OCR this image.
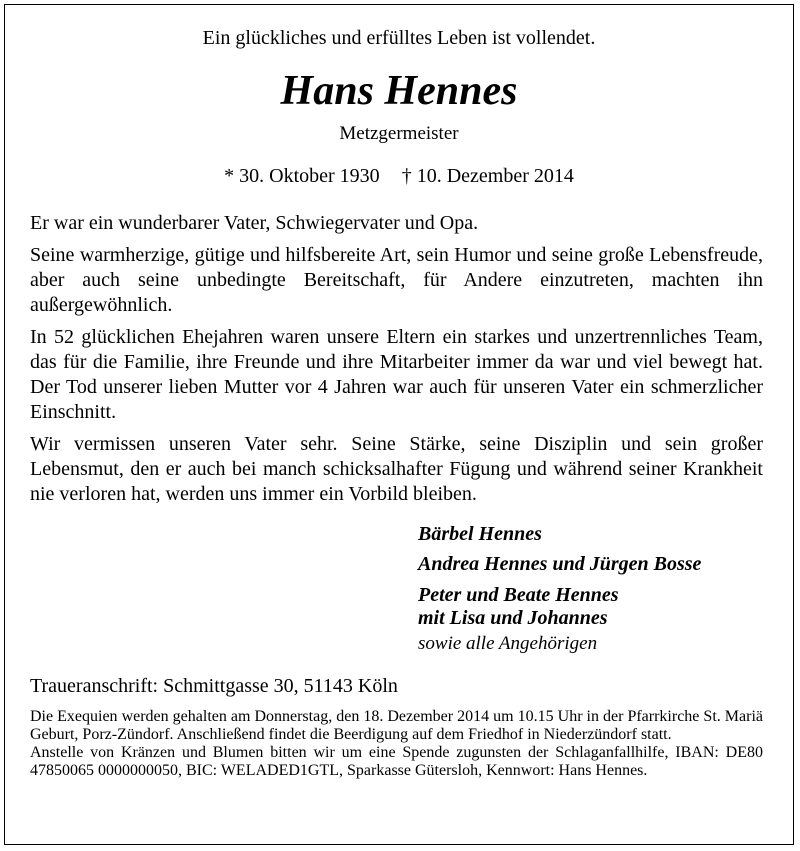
Ein glückliches und erfülltes Leben ist vollendet.
Hans Hennes
Metzgermeister
* 30. Oktober 1930 † 10. Dezember 2014

Er war ein wunderbarer Vater, Schwiegervater und Opa.

Seine warmherzige, gütige und hilfsbereite Art, sein Humor und seine große Lebensfreude, aber auch seine unbedingte Bereitschaft, für Andere einzutreten, machten ihn außergewöhnlich.

In 52 glücklichen Ehejahren waren unsere Eltern ein starkes und unzertrennliches Team, das für die Familie, ihre Freunde und ihre Mitarbeiter immer da war und viel bewegt hat. Der Tod unserer lieben Mutter vor 4 Jahren war auch für unseren Vater ein schmerzlicher Einschnitt.

Wir vermissen unseren Vater sehr. Seine Stärke, seine Disziplin und sein großer Lebensmut, den er auch bei manch schicksalhafter Fügung und während seiner Krankheit nie verloren hat, werden uns immer ein Vorbild bleiben.

Bärbel Hennes
Andrea Hennes und Jürgen Bosse
Peter und Beate Hennes
mit Lisa und Johannes
sowie alle Angehörigen
Traueranschrift: Schmittgasse 30, 51143 Köln

Die Exequien werden gehalten am Donnerstag, den 18. Dezember 2014 um 10.15 Uhr in der Pfarrkirche St. Mariä Geburt, Porz-Zündorf. Anschließend findet die Beerdigung auf dem Friedhof in Niederzündorf statt.

Anstelle von Kränzen und Blumen bitten wir um eine Spende zugunsten der Schlaganfallhilfe, IBAN: DE80 47850065 0000000050, BIC: WELADED1GTL, Sparkasse Gütersloh, Kennwort: Hans Hennes.
